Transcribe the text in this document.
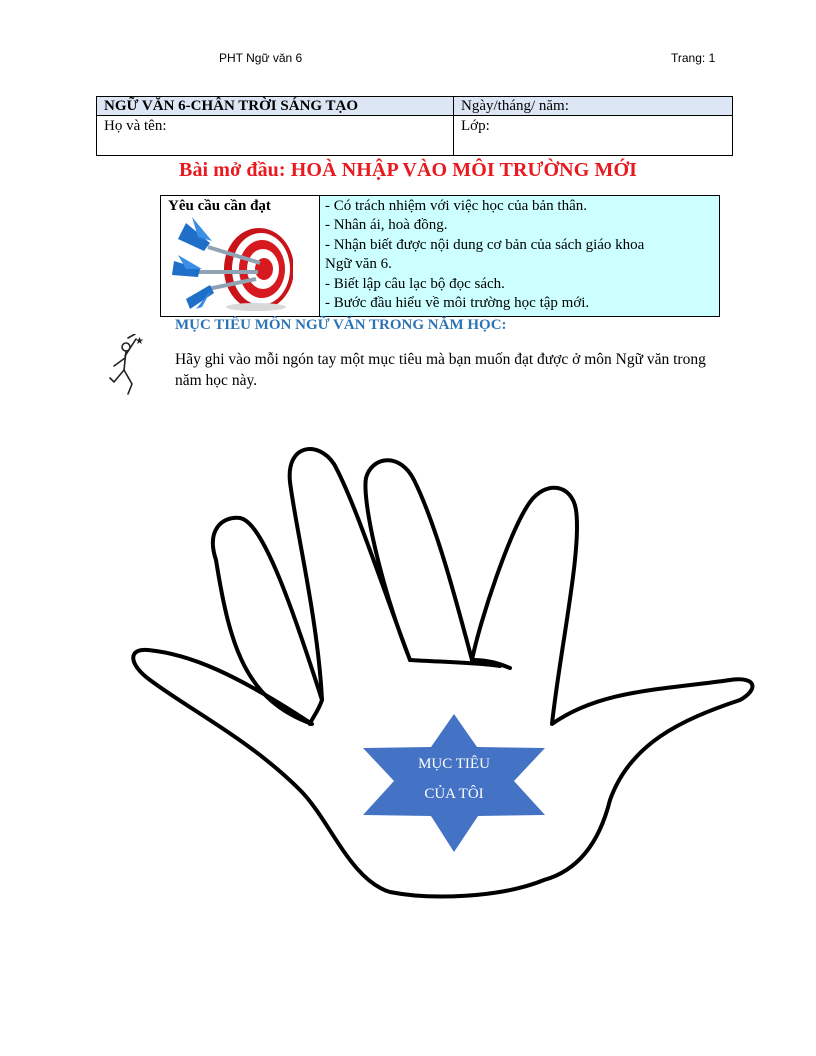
PHT Ngữ văn 6	Trang: 1
NGỮ VĂN 6-CHÂN TRỜI SÁNG TẠO	Ngày/tháng/ năm:
Họ và tên:	Lớp:
Bài mở đầu: HOÀ NHẬP VÀO MÔI TRƯỜNG MỚI
Yêu cầu cần đạt	- Có trách nhiệm với việc học của bản thân.
- Nhân ái, hoà đồng.
- Nhận biết được nội dung cơ bản của sách giáo khoa
Ngữ văn 6.
- Biết lập câu lạc bộ đọc sách.
- Bước đầu hiểu về môi trường học tập mới.
★
MỤC TIÊU MÔN NGỮ VĂN TRONG NĂM HỌC:
Hãy ghi vào mỗi ngón tay một mục tiêu mà bạn muốn đạt được ở môn Ngữ văn trong năm học này.
MỤC TIÊU
CỦA TÔI
